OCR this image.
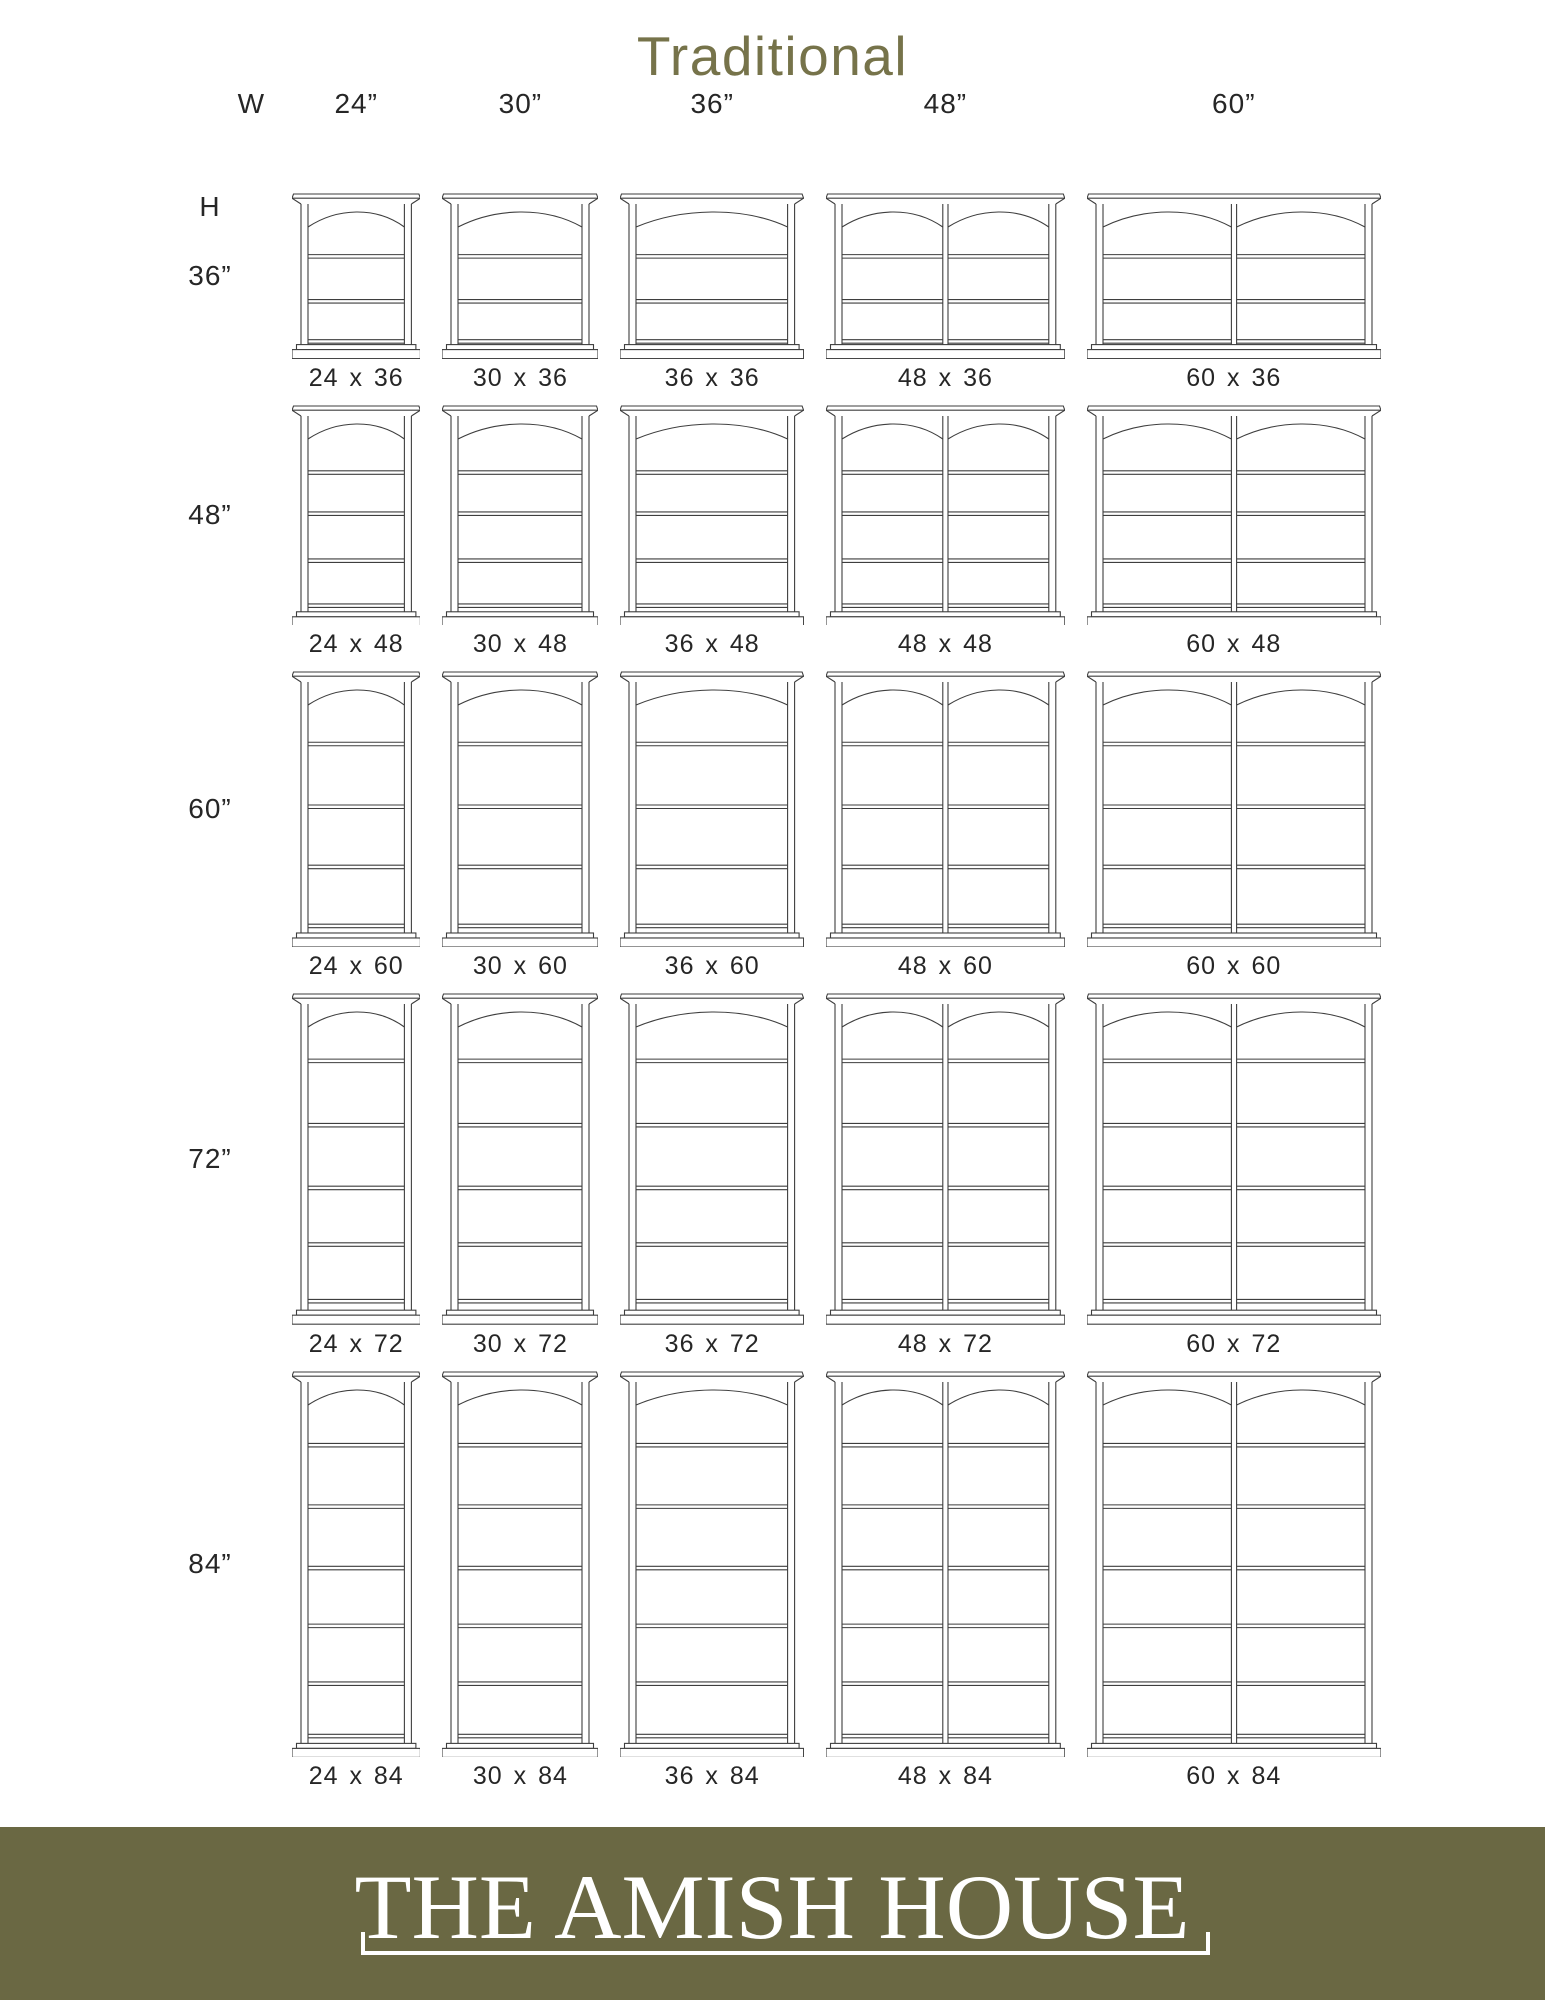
Traditional
W	24”	30”	36”	48”	60”
36”
H
24 x 36	30 x 36	36 x 36	48 x 36	60 x 36
48”
24 x 48	30 x 48	36 x 48	48 x 48	60 x 48
60”
24 x 60	30 x 60	36 x 60	48 x 60	60 x 60
72”
24 x 72	30 x 72	36 x 72	48 x 72	60 x 72
84”
24 x 84	30 x 84	36 x 84	48 x 84	60 x 84
THE AMISH HOUSE
